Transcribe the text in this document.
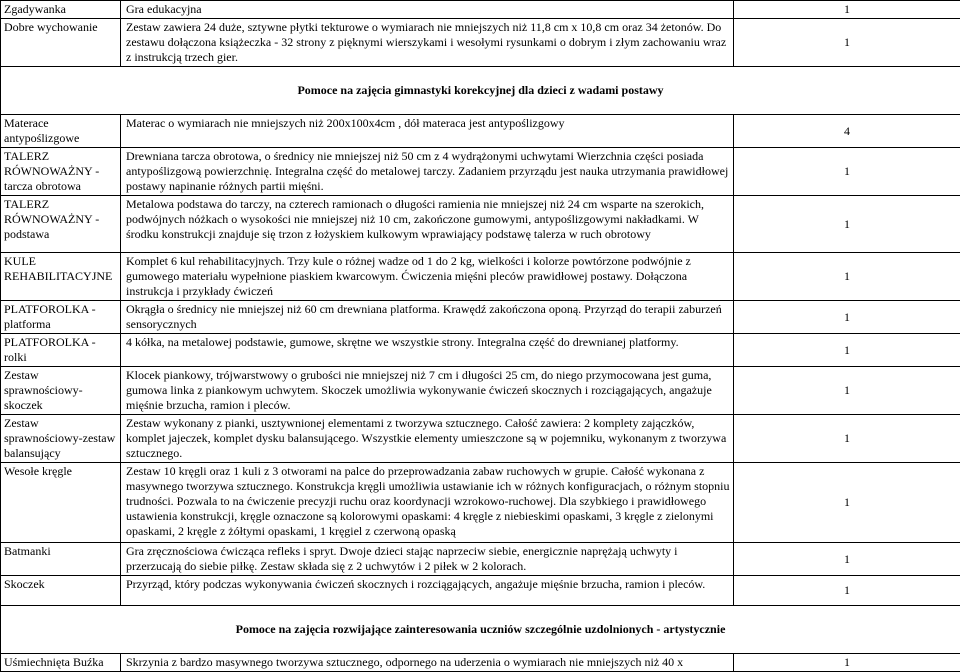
Zgadywanka	Gra edukacyjna	1
Dobre wychowanie	Zestaw zawiera 24 duże, sztywne płytki tekturowe o wymiarach nie mniejszych niż 11,8 cm x 10,8 cm oraz 34 żetonów. Do zestawu dołączona książeczka - 32 strony z pięknymi wierszykami i wesołymi rysunkami o dobrym i złym zachowaniu wraz z instrukcją trzech gier.	1
Pomoce na zajęcia gimnastyki korekcyjnej dla dzieci z wadami postawy		
Materace antypoślizgowe	Materac o wymiarach nie mniejszych niż 200x100x4cm , dół materaca jest antypoślizgowy	4
TALERZ RÓWNOWAŻNY - tarcza obrotowa	Drewniana tarcza obrotowa, o średnicy nie mniejszej niż 50 cm z 4 wydrążonymi uchwytami Wierzchnia części posiada antypoślizgową powierzchnię. Integralna część do metalowej tarczy. Zadaniem przyrządu jest nauka utrzymania prawidłowej postawy napinanie różnych partii mięśni.	1
TALERZ RÓWNOWAŻNY - podstawa	Metalowa podstawa do tarczy, na czterech ramionach o długości ramienia nie mniejszej niż 24 cm wsparte na szerokich, podwójnych nóżkach o wysokości nie mniejszej niż 10 cm, zakończone gumowymi, antypoślizgowymi nakładkami. W środku konstrukcji znajduje się trzon z łożyskiem kulkowym wprawiający podstawę talerza w ruch obrotowy	1
KULE REHABILITACYJNE	Komplet 6 kul rehabilitacyjnych. Trzy kule o różnej wadze od 1 do 2 kg, wielkości i kolorze powtórzone podwójnie z gumowego materiału wypełnione piaskiem kwarcowym. Ćwiczenia mięśni pleców prawidłowej postawy. Dołączona instrukcja i przykłady ćwiczeń	1
PLATFOROLKA - platforma	Okrągła o średnicy nie mniejszej niż 60 cm drewniana platforma. Krawędź zakończona oponą. Przyrząd do terapii zaburzeń sensorycznych	1
PLATFOROLKA - rolki	4 kółka, na metalowej podstawie, gumowe, skrętne we wszystkie strony. Integralna część do drewnianej platformy.	1
Zestaw sprawnościowy-skoczek	Klocek piankowy, trójwarstwowy o grubości nie mniejszej niż 7 cm i długości 25 cm, do niego przymocowana jest guma, gumowa linka z piankowym uchwytem. Skoczek umożliwia wykonywanie ćwiczeń skocznych i rozciągających, angażuje mięśnie brzucha, ramion i pleców.	1
Zestaw sprawnościowy-zestaw balansujący	Zestaw wykonany z pianki, usztywnionej elementami z tworzywa sztucznego. Całość zawiera: 2 komplety zajączków, komplet jajeczek, komplet dysku balansującego. Wszystkie elementy umieszczone są w pojemniku, wykonanym z tworzywa sztucznego.	1
Wesołe kręgle	Zestaw 10 kręgli oraz 1 kuli z 3 otworami na palce do przeprowadzania zabaw ruchowych w grupie. Całość wykonana z masywnego tworzywa sztucznego. Konstrukcja kręgli umożliwia ustawianie ich w różnych konfiguracjach, o różnym stopniu trudności. Pozwala to na ćwiczenie precyzji ruchu oraz koordynacji wzrokowo-ruchowej. Dla szybkiego i prawidłowego ustawienia konstrukcji, kręgle oznaczone są kolorowymi opaskami: 4 kręgle z niebieskimi opaskami, 3 kręgle z zielonymi opaskami, 2 kręgle z żółtymi opaskami, 1 kręgiel z czerwoną opaską	1
Batmanki	Gra zręcznościowa ćwicząca refleks i spryt. Dwoje dzieci stając naprzeciw siebie, energicznie naprężają uchwyty i przerzucają do siebie piłkę. Zestaw składa się z 2 uchwytów i 2 piłek w 2 kolorach.	1
Skoczek	Przyrząd, który podczas wykonywania ćwiczeń skocznych i rozciągających, angażuje mięśnie brzucha, ramion i pleców.	1
Pomoce na zajęcia rozwijające zainteresowania uczniów szczególnie uzdolnionych - artystycznie		
Uśmiechnięta Buźka	Skrzynia z bardzo masywnego tworzywa sztucznego, odpornego na uderzenia o wymiarach nie mniejszych niż 40 x	1
